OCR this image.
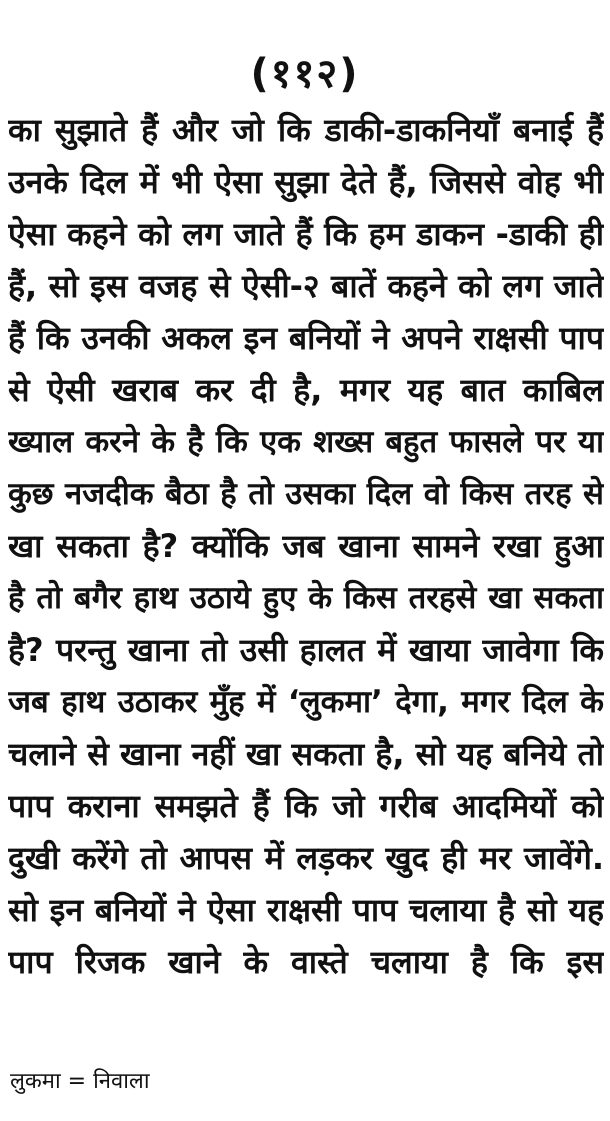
(११२)
का सुझाते हैं और जो कि डाकी-डाकनियाँ बनाई हैं
उनके दिल में भी ऐसा सुझा देते हैं, जिससे वोह भी
ऐसा कहने को लग जाते हैं कि हम डाकन -डाकी ही
हैं, सो इस वजह से ऐसी-२ बातें कहने को लग जाते
हैं कि उनकी अकल इन बनियों ने अपने राक्षसी पाप
से ऐसी खराब कर दी है, मगर यह बात काबिल
ख्याल करने के है कि एक शख्स बहुत फासले पर या
कुछ नजदीक बैठा है तो उसका दिल वो किस तरह से
खा सकता है? क्योंकि जब खाना सामने रखा हुआ
है तो बगैर हाथ उठाये हुए के किस तरहसे खा सकता
है? परन्तु खाना तो उसी हालत में खाया जावेगा कि
जब हाथ उठाकर मुँह में ‘लुकमा’ देगा, मगर दिल के
चलाने से खाना नहीं खा सकता है, सो यह बनिये तो
पाप कराना समझते हैं कि जो गरीब आदमियों को
दुखी करेंगे तो आपस में लड़कर खुद ही मर जावेंगे.
सो इन बनियों ने ऐसा राक्षसी पाप चलाया है सो यह
पाप रिजक खाने के वास्ते चलाया है कि इस
लुकमा = निवाला
